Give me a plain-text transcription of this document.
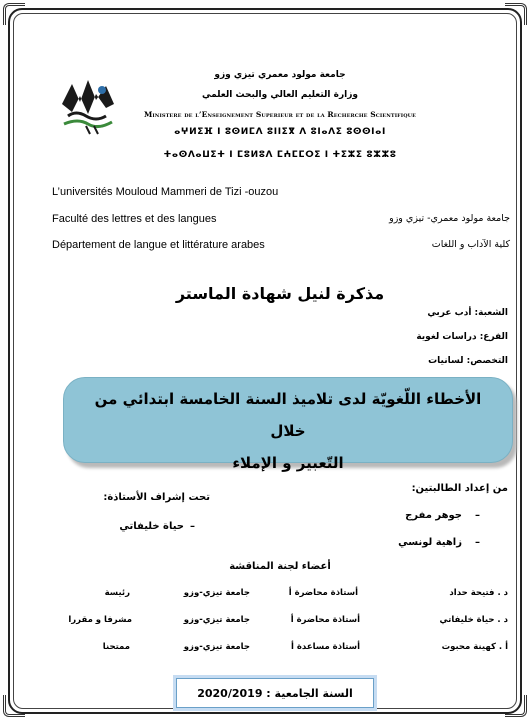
جامعة مولود معمري تيزي وزو
وزارة التعليم العالي والبحث العلمي
Ministere de l’Enseignement Superieur et de la Recherche Scientifique
ⴰⵖⵍⵉⴼ ⵏ ⵓⵙⵍⵎⴷ ⵓⵏⵏⵉⴳ ⴷ ⵓⵏⴰⴷⵉ ⵓⵙⵙⵏⴰⵏ
ⵜⴰⵙⴷⴰⵡⵉⵜ ⵏ ⵎⵓⵍⵓⴷ ⵎⵄⵎⵎⵔⵉ ⵏ ⵜⵉⵣⵉ ⵓⵣⵣⵓ
L’universités Mouloud Mammeri de Tizi -ouzou
Faculté des lettres et des langues
Département de langue et littérature arabes
جامعة مولود معمري- تيزي وزو
كلية الآداب و اللغات
مذكرة لنيل شهادة الماستر
الشعبة: أدب عربي
الفرع: دراسات لغوية
التخصص: لسانيات
الأخطاء اللّغويّة لدى تلاميذ السنة الخامسة ابتدائي من خلال
التّعبير و الإملاء
من إعداد الطالبتين:
جوهر مفرج –
زاهية لونسي –
تحت إشراف الأستاذة:
حياة خليفاتي –
أعضاء لجنة المناقشة
د . فتيحة حداد
أستاذة محاضرة أ
جامعة تيزي-وزو
رئيسة
د . حياة خليفاتي
أستاذة محاضرة أ
جامعة تيزي-وزو
مشرفا و مقررا
أ . كهينة محبوت
أستاذة مساعدة أ
جامعة تيزي-وزو
ممتحنا
السنة الجامعية : 2020/2019
